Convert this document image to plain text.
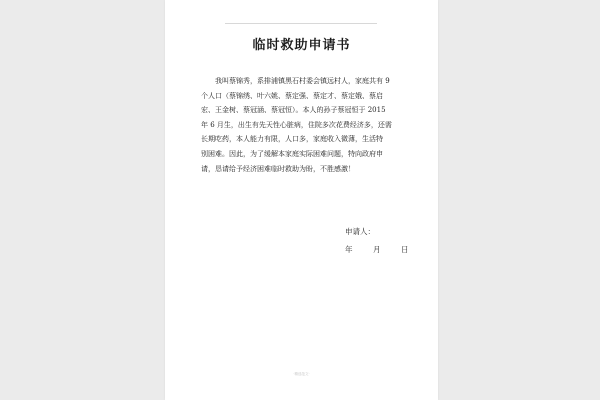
临时救助申请书
我叫蔡锦秀，系排浦镇黑石村委会镇远村人，家庭共有 9
个人口（蔡锦绣、叶六姚、蔡定强、蔡定才、蔡定娥、蔡启
宏、王金树、蔡冠涵、蔡冠恒）。本人的孙子蔡冠恒于 2015
年 6 月生，出生有先天性心脏病，住院多次花费经济多，还需
长期吃药，本人能力有限，人口多，家庭收入微薄，生活特
别困难。因此，为了缓解本家庭实际困难问题，特向政府申
请，恳请给予经济困难临时救助为盼，不胜感激！
申请人：
年	月	日
·精选范文·
